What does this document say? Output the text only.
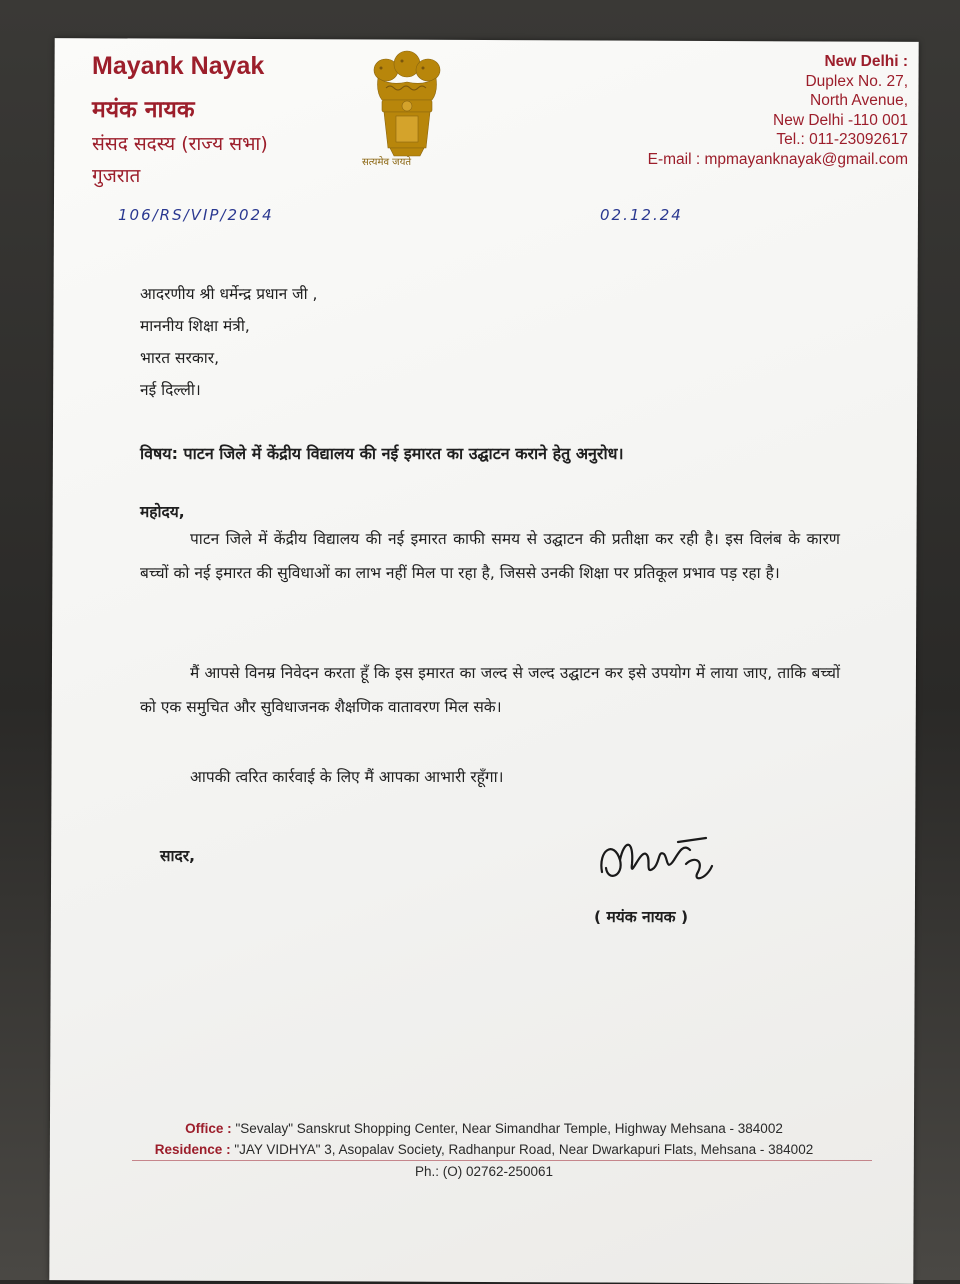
Mayank Nayak
मयंक नायक
संसद सदस्य (राज्य सभा)
गुजरात
सत्यमेव जयते
New Delhi :
Duplex No. 27,
North Avenue,
New Delhi -110 001
Tel.: 011-23092617
E-mail : mpmayanknayak@gmail.com
106/RS/VIP/2024	02.12.24
आदरणीय श्री धर्मेन्द्र प्रधान जी ,
माननीय शिक्षा मंत्री,
भारत सरकार,
नई दिल्ली।
विषय: पाटन जिले में केंद्रीय विद्यालय की नई इमारत का उद्घाटन कराने हेतु अनुरोध।
महोदय,
पाटन जिले में केंद्रीय विद्यालय की नई इमारत काफी समय से उद्घाटन की प्रतीक्षा कर रही है। इस विलंब के कारण बच्चों को नई इमारत की सुविधाओं का लाभ नहीं मिल पा रहा है, जिससे उनकी शिक्षा पर प्रतिकूल प्रभाव पड़ रहा है।
मैं आपसे विनम्र निवेदन करता हूँ कि इस इमारत का जल्द से जल्द उद्घाटन कर इसे उपयोग में लाया जाए, ताकि बच्चों को एक समुचित और सुविधाजनक शैक्षणिक वातावरण मिल सके।
आपकी त्वरित कार्रवाई के लिए मैं आपका आभारी रहूँगा।
सादर,
( मयंक नायक )
Office : "Sevalay" Sanskrut Shopping Center, Near Simandhar Temple, Highway Mehsana - 384002
Residence : "JAY VIDHYA" 3, Asopalav Society, Radhanpur Road, Near Dwarkapuri Flats, Mehsana - 384002
Ph.: (O) 02762-250061
